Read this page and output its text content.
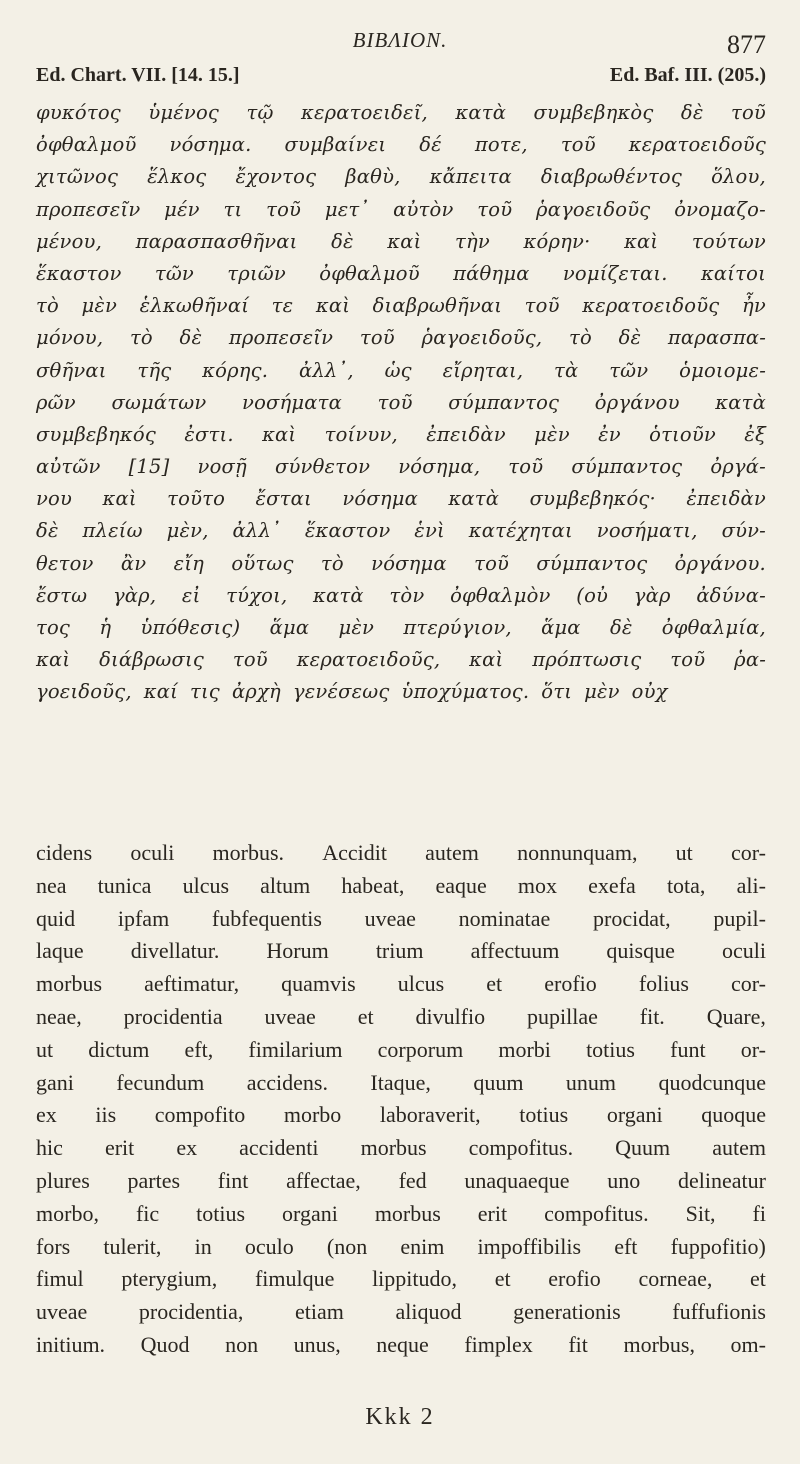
BIBΛION.	877
Ed. Chart. VII. [14. 15.]	Ed. Baf. III. (205.)
φυκότος ὑμένος τῷ κερατοειδεῖ, κατὰ συμβεβηκὸς δὲ τοῦ
ὀφθαλμοῦ νόσημα. συμβαίνει δέ ποτε, τοῦ κερατοειδοῦς
χιτῶνος ἕλκος ἔχοντος βαθὺ, κἄπειτα διαβρωθέντος ὅλου,
προπεσεῖν μέν τι τοῦ μετ᾽ αὐτὸν τοῦ ῥαγοειδοῦς ὀνομαζο-
μένου, παρασπασθῆναι δὲ καὶ τὴν κόρην· καὶ τούτων
ἕκαστον τῶν τριῶν ὀφθαλμοῦ πάθημα νομίζεται. καίτοι
τὸ μὲν ἑλκωθῆναί τε καὶ διαβρωθῆναι τοῦ κερατοειδοῦς ἦν
μόνου, τὸ δὲ προπεσεῖν τοῦ ῥαγοειδοῦς, τὸ δὲ παρασπα-
σθῆναι τῆς κόρης. ἀλλ᾽, ὡς εἴρηται, τὰ τῶν ὁμοιομε-
ρῶν σωμάτων νοσήματα τοῦ σύμπαντος ὀργάνου κατὰ
συμβεβηκός ἐστι. καὶ τοίνυν, ἐπειδὰν μὲν ἐν ὁτιοῦν ἐξ
αὐτῶν [15] νοσῇ σύνθετον νόσημα, τοῦ σύμπαντος ὀργά-
νου καὶ τοῦτο ἔσται νόσημα κατὰ συμβεβηκός· ἐπειδὰν
δὲ πλείω μὲν, ἀλλ᾽ ἕκαστον ἑνὶ κατέχηται νοσήματι, σύν-
θετον ἂν εἴη οὕτως τὸ νόσημα τοῦ σύμπαντος ὀργάνου.
ἔστω γὰρ, εἰ τύχοι, κατὰ τὸν ὀφθαλμὸν (οὐ γὰρ ἀδύνα-
τος ἡ ὑπόθεσις) ἅμα μὲν πτερύγιον, ἅμα δὲ ὀφθαλμία,
καὶ διάβρωσις τοῦ κερατοειδοῦς, καὶ πρόπτωσις τοῦ ῥα-
γοειδοῦς, καί τις ἀρχὴ γενέσεως ὑποχύματος. ὅτι μὲν οὐχ
cidens oculi morbus. Accidit autem nonnunquam, ut cor-
nea tunica ulcus altum habeat, eaque mox exefa tota, ali-
quid ipfam fubfequentis uveae nominatae procidat, pupil-
laque divellatur. Horum trium affectuum quisque oculi
morbus aeftimatur, quamvis ulcus et erofio folius cor-
neae, procidentia uveae et divulfio pupillae fit. Quare,
ut dictum eft, fimilarium corporum morbi totius funt or-
gani fecundum accidens. Itaque, quum unum quodcunque
ex iis compofito morbo laboraverit, totius organi quoque
hic erit ex accidenti morbus compofitus. Quum autem
plures partes fint affectae, fed unaquaeque uno delineatur
morbo, fic totius organi morbus erit compofitus. Sit, fi
fors tulerit, in oculo (non enim impoffibilis eft fuppofitio)
fimul pterygium, fimulque lippitudo, et erofio corneae, et
uveae procidentia, etiam aliquod generationis fuffufionis
initium. Quod non unus, neque fimplex fit morbus, om-
Kkk 2
